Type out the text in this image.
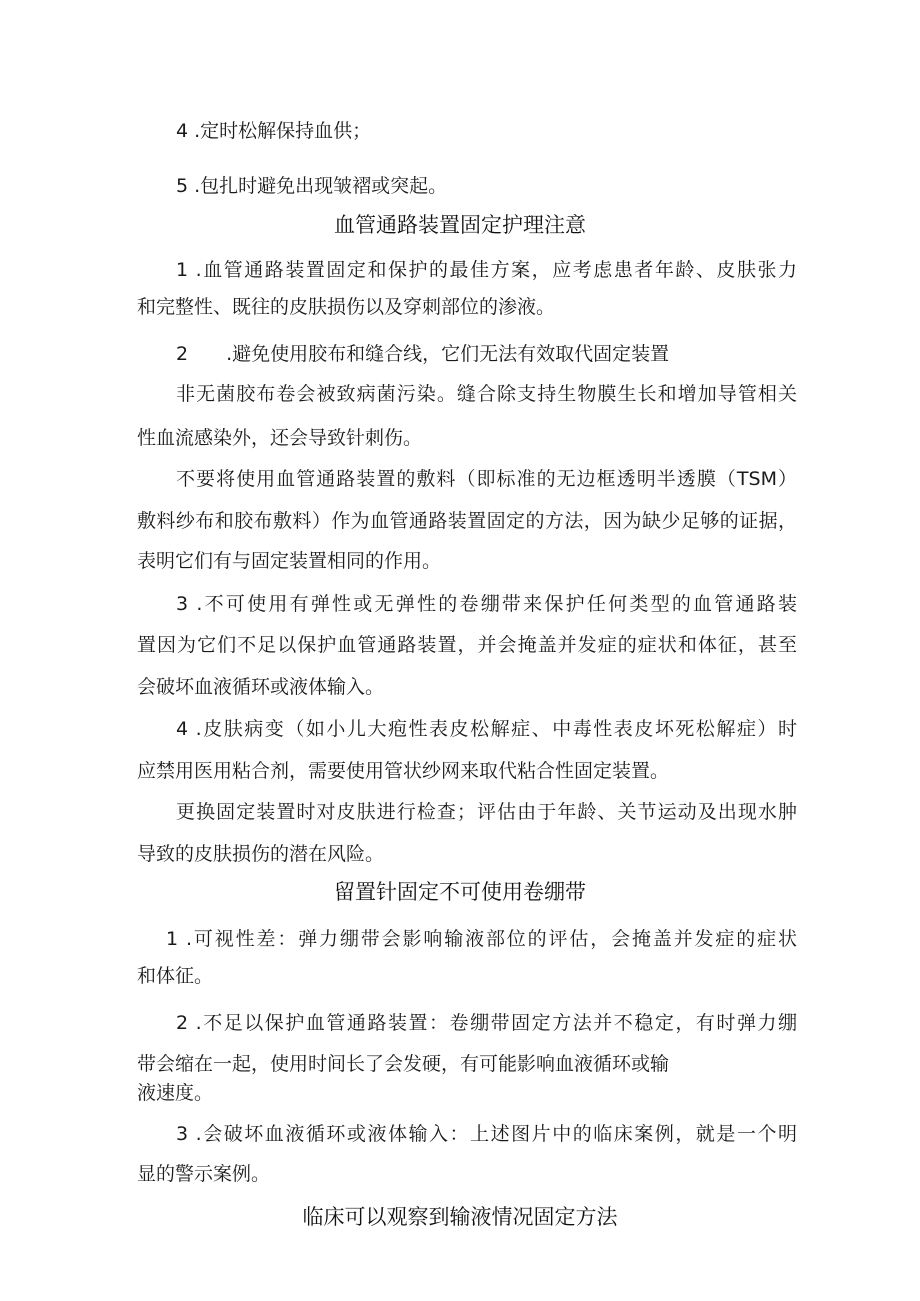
4 .定时松解保持血供；
5 .包扎时避免出现皱褶或突起。
血管通路装置固定护理注意
1 .血管通路装置固定和保护的最佳方案，应考虑患者年龄、皮肤张力
和完整性、既往的皮肤损伤以及穿刺部位的渗液。
2　　.避免使用胶布和缝合线，它们无法有效取代固定装置
非无菌胶布卷会被致病菌污染。缝合除支持生物膜生长和增加导管相关
性血流感染外，还会导致针刺伤。
不要将使用血管通路装置的敷料（即标准的无边框透明半透膜（TSM）
敷料纱布和胶布敷料）作为血管通路装置固定的方法，因为缺少足够的证据，
表明它们有与固定装置相同的作用。
3 .不可使用有弹性或无弹性的卷绷带来保护任何类型的血管通路装
置因为它们不足以保护血管通路装置，并会掩盖并发症的症状和体征，甚至
会破坏血液循环或液体输入。
4 .皮肤病变（如小儿大疱性表皮松解症、中毒性表皮坏死松解症）时
应禁用医用粘合剂，需要使用管状纱网来取代粘合性固定装置。
更换固定装置时对皮肤进行检查；评估由于年龄、关节运动及出现水肿
导致的皮肤损伤的潜在风险。
留置针固定不可使用卷绷带
1 .可视性差：弹力绷带会影响输液部位的评估，会掩盖并发症的症状
和体征。
2 .不足以保护血管通路装置：卷绷带固定方法并不稳定，有时弹力绷
带会缩在一起，使用时间长了会发硬，有可能影响血液循环或输
液速度。
3 .会破坏血液循环或液体输入：上述图片中的临床案例，就是一个明
显的警示案例。
临床可以观察到输液情况固定方法
